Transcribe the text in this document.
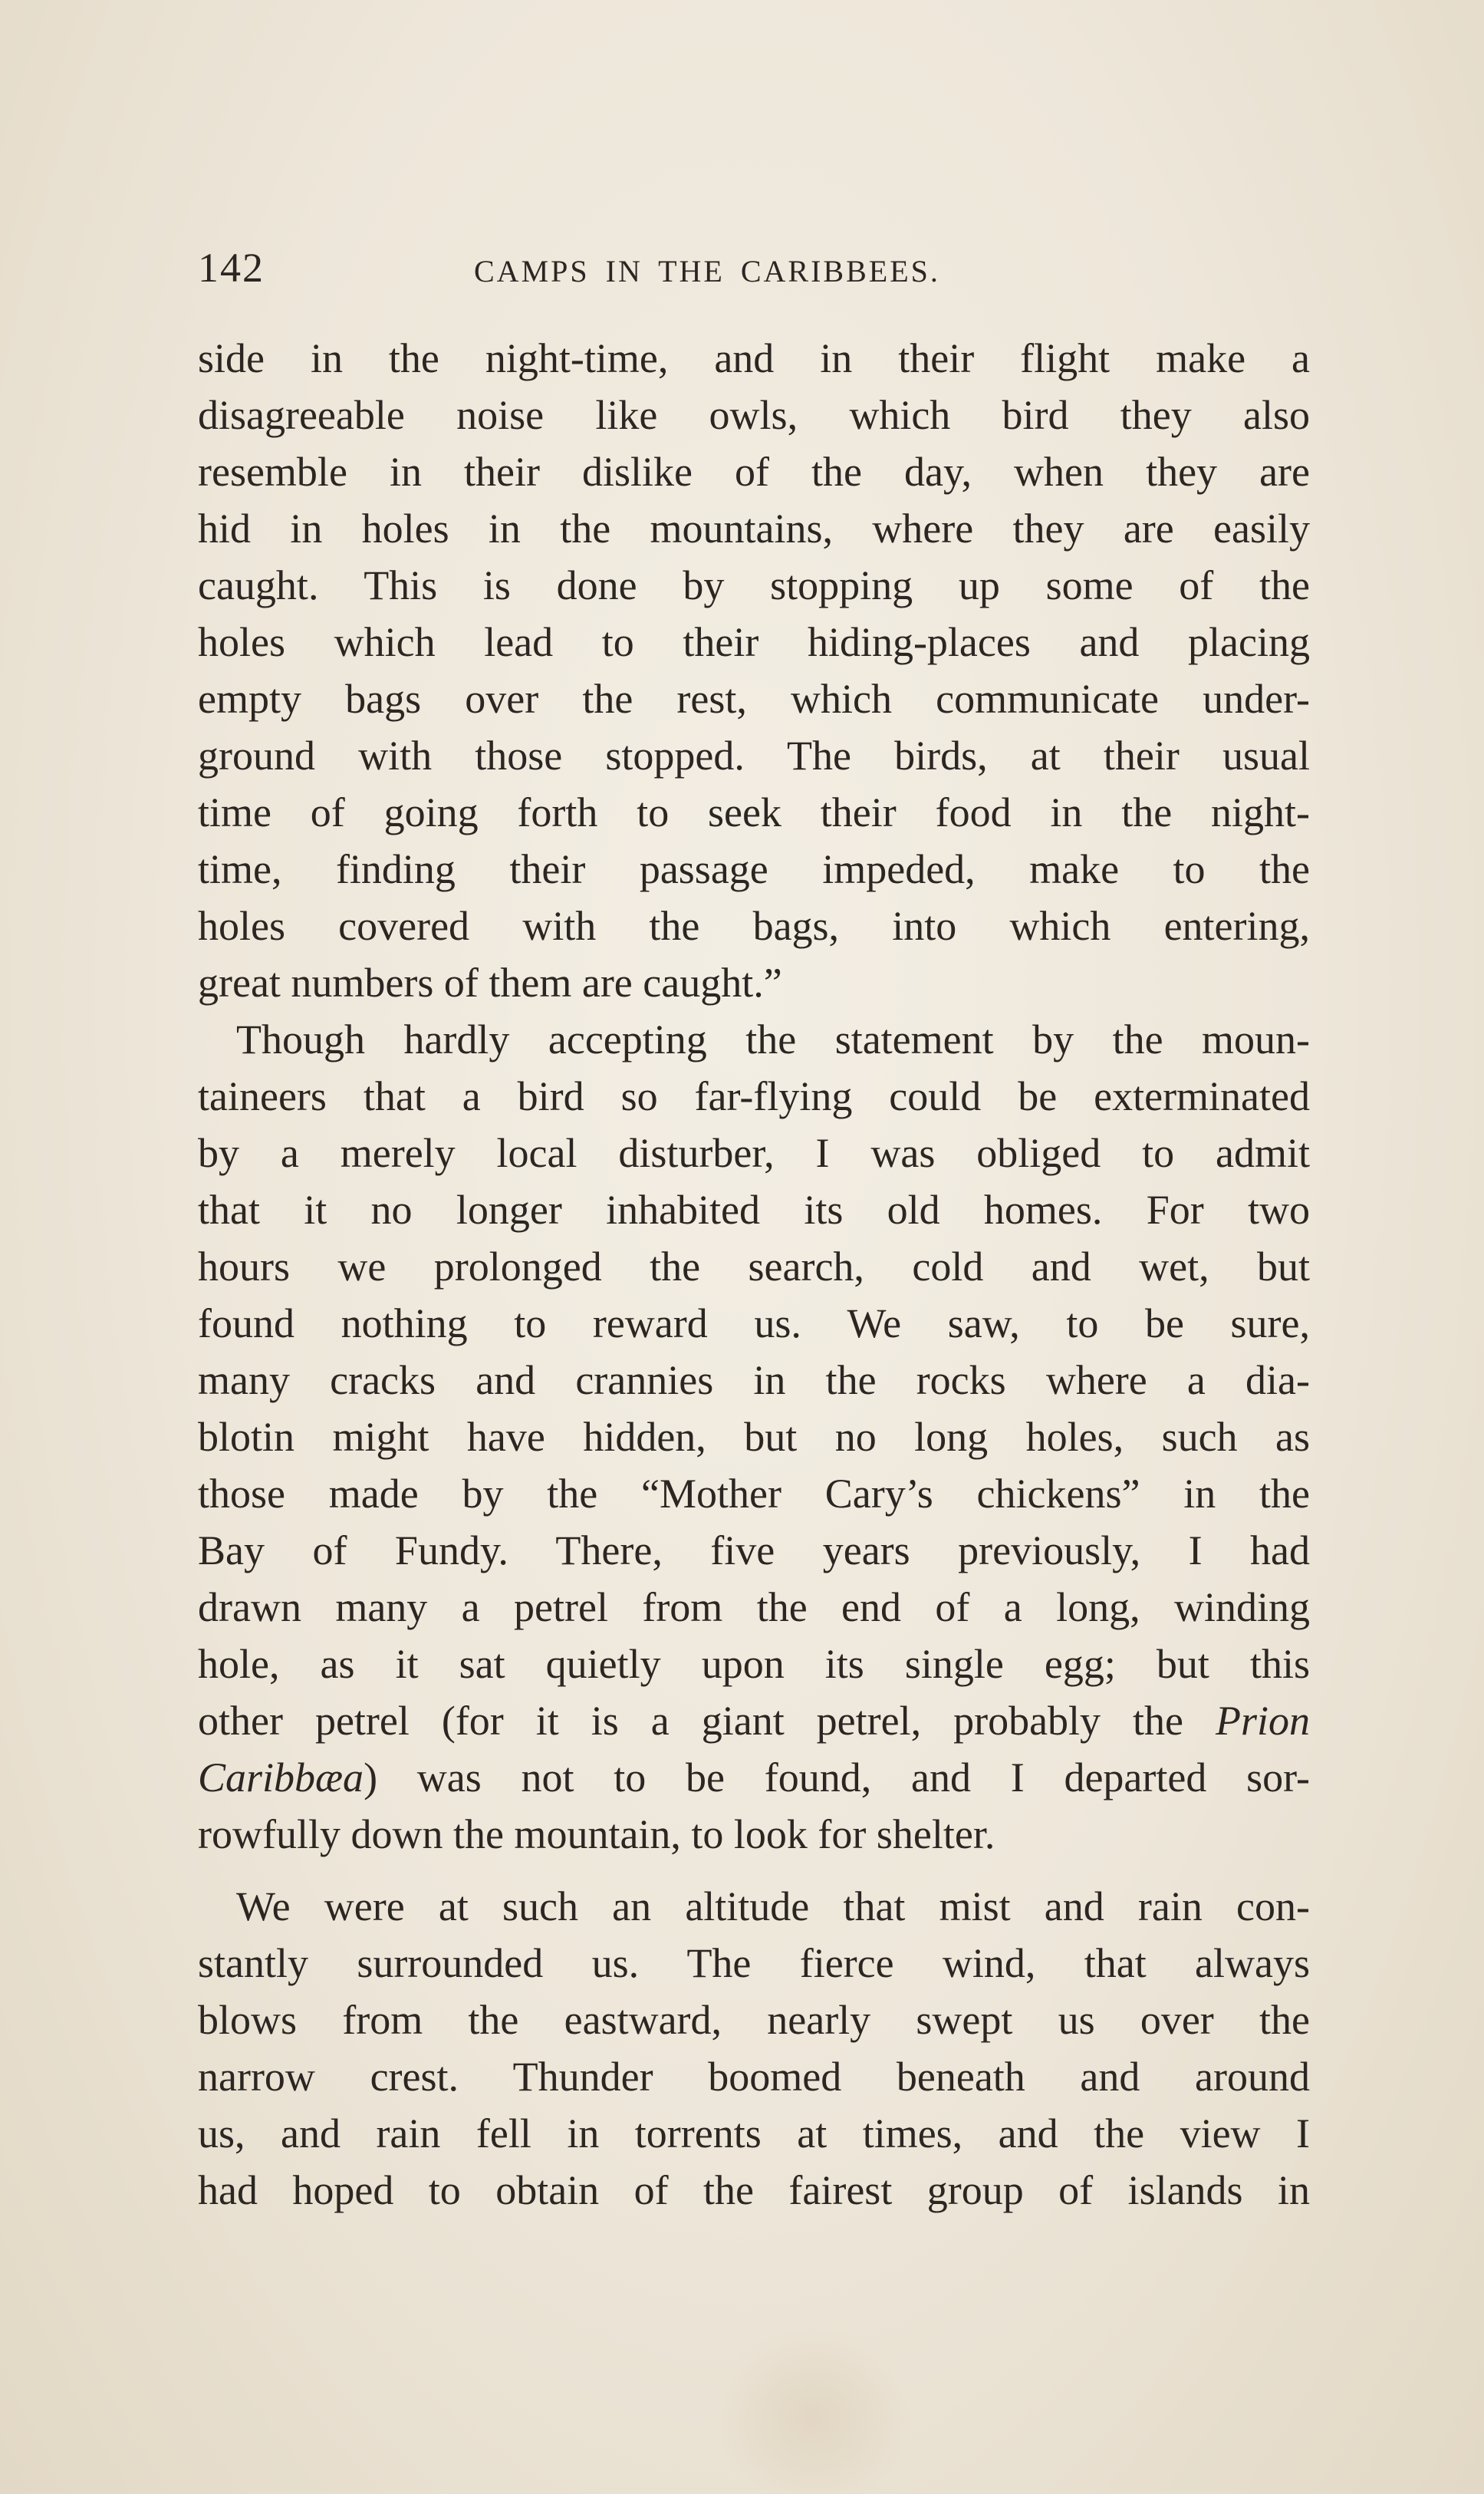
142	CAMPS IN THE CARIBBEES.
side in the night-time, and in their flight make a
disagreeable noise like owls, which bird they also
resemble in their dislike of the day, when they are
hid in holes in the mountains, where they are easily
caught. This is done by stopping up some of the
holes which lead to their hiding-places and placing
empty bags over the rest, which communicate under-
ground with those stopped. The birds, at their usual
time of going forth to seek their food in the night-
time, finding their passage impeded, make to the
holes covered with the bags, into which entering,
great numbers of them are caught.”
Though hardly accepting the statement by the moun-
taineers that a bird so far-flying could be exterminated
by a merely local disturber, I was obliged to admit
that it no longer inhabited its old homes. For two
hours we prolonged the search, cold and wet, but
found nothing to reward us. We saw, to be sure,
many cracks and crannies in the rocks where a dia-
blotin might have hidden, but no long holes, such as
those made by the “Mother Cary’s chickens” in the
Bay of Fundy. There, five years previously, I had
drawn many a petrel from the end of a long, winding
hole, as it sat quietly upon its single egg; but this
other petrel (for it is a giant petrel, probably the Prion
Caribbæa) was not to be found, and I departed sor-
rowfully down the mountain, to look for shelter.
We were at such an altitude that mist and rain con-
stantly surrounded us. The fierce wind, that always
blows from the eastward, nearly swept us over the
narrow crest. Thunder boomed beneath and around
us, and rain fell in torrents at times, and the view I
had hoped to obtain of the fairest group of islands in
